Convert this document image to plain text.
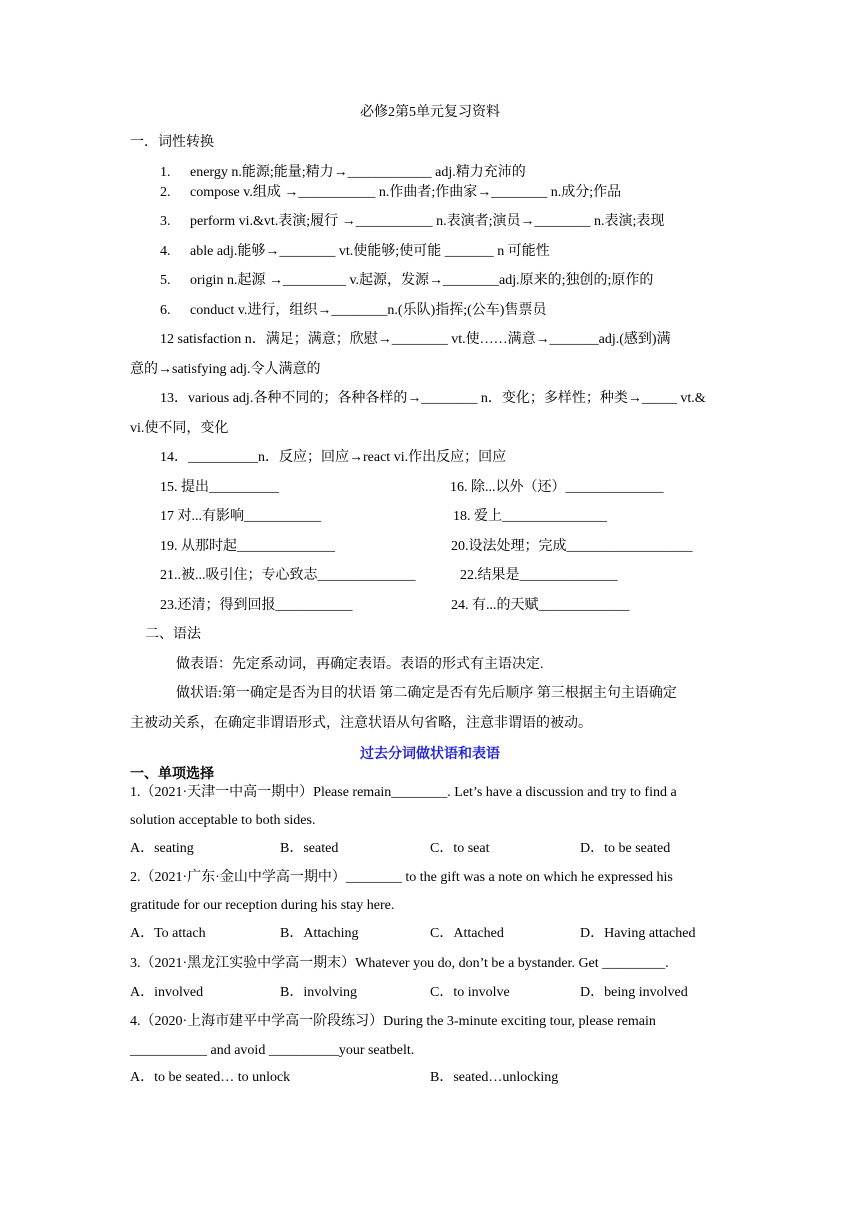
必修2第5单元复习资料
一．词性转换
1. energy n.能源;能量;精力→____________ adj.精力充沛的
2. compose v.组成 →___________ n.作曲者;作曲家→________ n.成分;作品
3. perform vi.&vt.表演;履行 →___________ n.表演者;演员→________ n.表演;表现
4. able adj.能够→________ vt.使能够;使可能 _______ n 可能性
5. origin n.起源 →_________ v.起源，发源→________adj.原来的;独创的;原作的
6. conduct v.进行，组织→________n.(乐队)指挥;(公车)售票员
12 satisfaction n．满足；满意；欣慰→________ vt.使……满意→_______adj.(感到)满
意的→satisfying adj.令人满意的
13．various adj.各种不同的；各种各样的→________ n．变化；多样性；种类→_____ vt.&
vi.使不同，变化
14．__________n．反应；回应→react vi.作出反应；回应
15. 提出__________	16. 除...以外（还）______________
17 对...有影响___________	18. 爱上_______________
19. 从那时起______________	20.设法处理；完成__________________
21..被...吸引住；专心致志______________	22.结果是______________
23.还清；得到回报___________	24. 有...的天赋_____________
二、语法
做表语：先定系动词，再确定表语。表语的形式有主语决定.
做状语:第一确定是否为目的状语 第二确定是否有先后顺序 第三根据主句主语确定
主被动关系，在确定非谓语形式，注意状语从句省略，注意非谓语的被动。
过去分词做状语和表语
一、单项选择
1.（2021·天津一中高一期中）Please remain________. Let’s have a discussion and try to find a
solution acceptable to both sides.
A．seating	B．seated	C．to seat	D．to be seated
2.（2021·广东·金山中学高一期中）________ to the gift was a note on which he expressed his
gratitude for our reception during his stay here.
A．To attach	B．Attaching	C．Attached	D．Having attached
3.（2021·黑龙江实验中学高一期末）Whatever you do, don’t be a bystander. Get _________.
A．involved	B．involving	C．to involve	D．being involved
4.（2020·上海市建平中学高一阶段练习）During the 3-minute exciting tour, please remain
___________ and avoid __________your seatbelt.
A．to be seated… to unlock	B．seated…unlocking
